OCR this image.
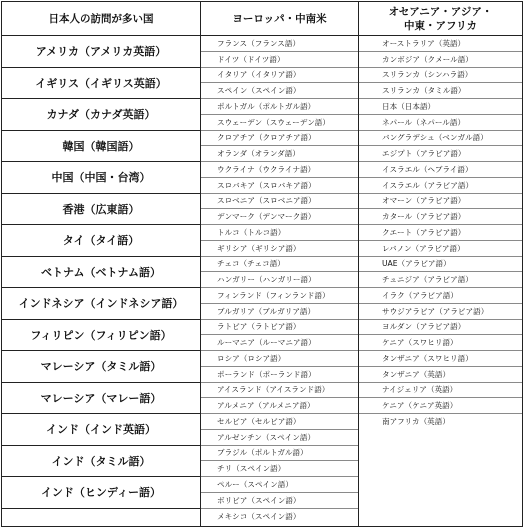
日本人の訪問が多い国
アメリカ（アメリカ英語）
イギリス（イギリス英語）
カナダ（カナダ英語）
韓国（韓国語）
中国（中国・台湾）
香港（広東語）
タイ（タイ語）
ベトナム（ベトナム語）
インドネシア（インドネシア語）
フィリピン（フィリピン語）
マレーシア（タミル語）
マレーシア（マレー語）
インド（インド英語）
インド（タミル語）
インド（ヒンディー語）
ヨーロッパ・中南米
フランス（フランス語）
ドイツ（ドイツ語）
イタリア（イタリア語）
スペイン（スペイン語）
ポルトガル（ポルトガル語）
スウェーデン（スウェーデン語）
クロアチア（クロアチア語）
オランダ（オランダ語）
ウクライナ（ウクライナ語）
スロバキア（スロバキア語）
スロベニア（スロベニア語）
デンマーク（デンマーク語）
トルコ（トルコ語）
ギリシア（ギリシア語）
チェコ（チェコ語）
ハンガリー（ハンガリー語）
フィンランド（フィンランド語）
ブルガリア（ブルガリア語）
ラトビア（ラトビア語）
ルーマニア（ルーマニア語）
ロシア（ロシア語）
ポーランド（ポーランド語）
アイスランド（アイスランド語）
アルメニア（アルメニア語）
セルビア（セルビア語）
アルゼンチン（スペイン語）
ブラジル（ポルトガル語）
チリ（スペイン語）
ペルー（スペイン語）
ボリビア（スペイン語）
メキシコ（スペイン語）
オセアニア・アジア・
中東・アフリカ
オーストラリア（英語）
カンボジア（クメール語）
スリランカ（シンハラ語）
スリランカ（タミル語）
日本（日本語）
ネパール（ネパール語）
バングラデシュ（ベンガル語）
エジプト（アラビア語）
イスラエル（ヘブライ語）
イスラエル（アラビア語）
オマーン（アラビア語）
カタール（アラビア語）
クエート（アラビア語）
レバノン（アラビア語）
UAE（アラビア語）
チュニジア（アラビア語）
イラク（アラビア語）
サウジアラビア（アラビア語）
ヨルダン（アラビア語）
ケニア（スワヒリ語）
タンザニア（スワヒリ語）
タンザニア（英語）
ナイジェリア（英語）
ケニア（ケニア英語）
南アフリカ（英語）
